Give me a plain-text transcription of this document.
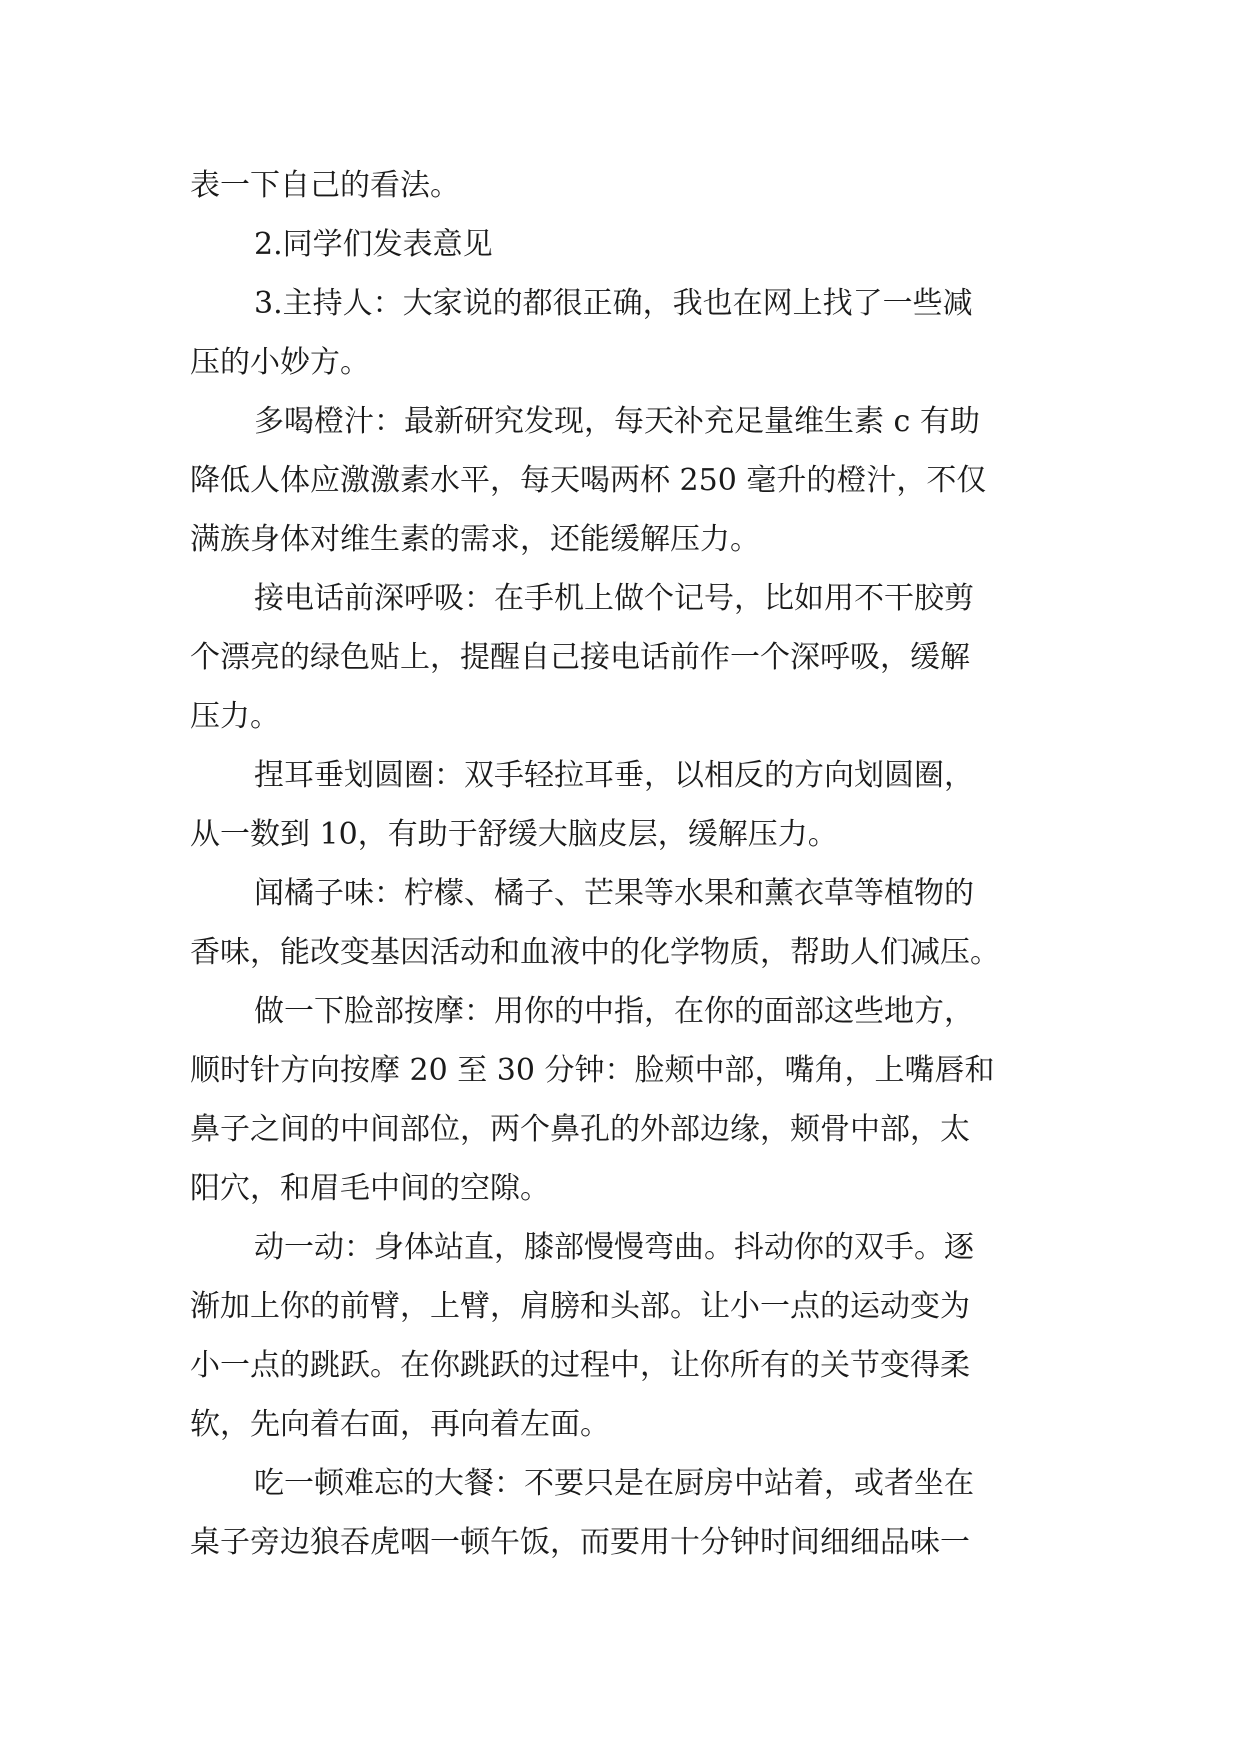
表一下自己的看法。

2.同学们发表意见

3.主持人：大家说的都很正确，我也在网上找了一些减

压的小妙方。

多喝橙汁：最新研究发现，每天补充足量维生素 c 有助

降低人体应激激素水平，每天喝两杯 250 毫升的橙汁，不仅

满族身体对维生素的需求，还能缓解压力。

接电话前深呼吸：在手机上做个记号，比如用不干胶剪

个漂亮的绿色贴上，提醒自己接电话前作一个深呼吸，缓解

压力。

捏耳垂划圆圈：双手轻拉耳垂，以相反的方向划圆圈，

从一数到 10，有助于舒缓大脑皮层，缓解压力。

闻橘子味：柠檬、橘子、芒果等水果和薰衣草等植物的

香味，能改变基因活动和血液中的化学物质，帮助人们减压。

做一下脸部按摩：用你的中指，在你的面部这些地方，

顺时针方向按摩 20 至 30 分钟：脸颊中部，嘴角，上嘴唇和

鼻子之间的中间部位，两个鼻孔的外部边缘，颊骨中部，太

阳穴，和眉毛中间的空隙。

动一动：身体站直，膝部慢慢弯曲。抖动你的双手。逐

渐加上你的前臂，上臂，肩膀和头部。让小一点的运动变为

小一点的跳跃。在你跳跃的过程中，让你所有的关节变得柔

软，先向着右面，再向着左面。

吃一顿难忘的大餐：不要只是在厨房中站着，或者坐在

桌子旁边狼吞虎咽一顿午饭，而要用十分钟时间细细品味一
